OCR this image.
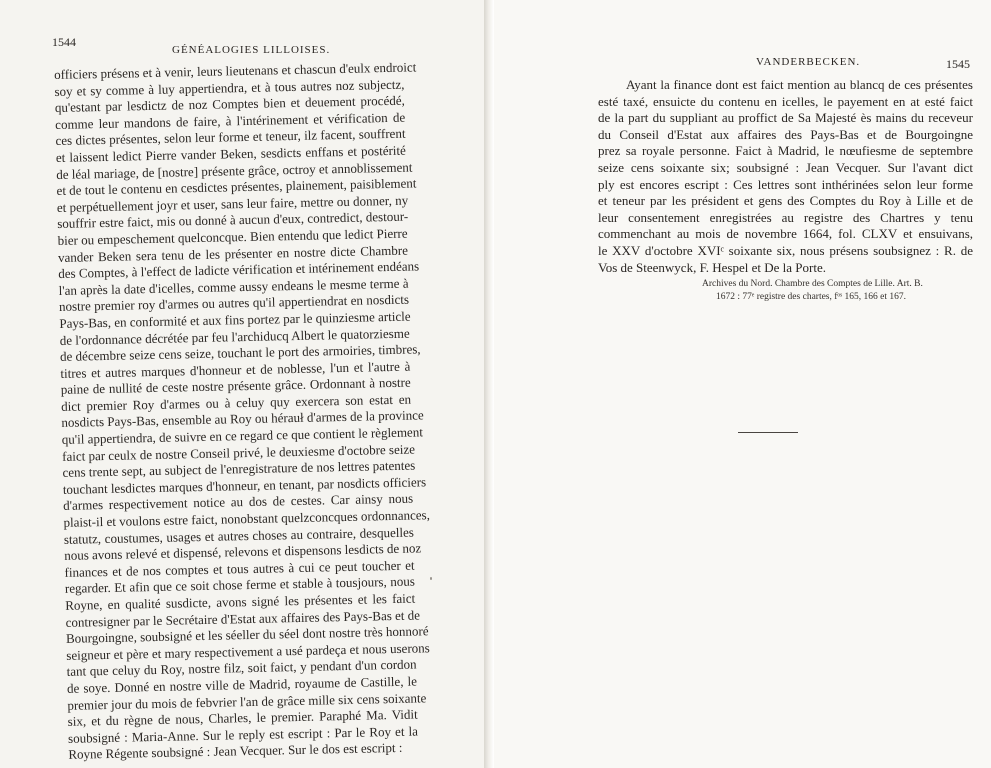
1544
GÉNÉALOGIES LILLOISES.
officiers présens et à venir, leurs lieutenans et chascun d'eulx endroict
soy et sy comme à luy appertiendra, et à tous autres noz subjectz,
qu'estant par lesdictz de noz Comptes bien et deuement procédé,
comme leur mandons de faire, à l'intérinement et vérification de
ces dictes présentes, selon leur forme et teneur, ilz facent, souffrent
et laissent ledict Pierre vander Beken, sesdicts enffans et postérité
de léal mariage, de [nostre] présente grâce, octroy et annoblissement
et de tout le contenu en cesdictes présentes, plainement, paisiblement
et perpétuellement joyr et user, sans leur faire, mettre ou donner, ny
souffrir estre faict, mis ou donné à aucun d'eux, contredict, destour-
bier ou empeschement quelconcque. Bien entendu que ledict Pierre
vander Beken sera tenu de les présenter en nostre dicte Chambre
des Comptes, à l'effect de ladicte vérification et intérinement endéans
l'an après la date d'icelles, comme aussy endeans le mesme terme à
nostre premier roy d'armes ou autres qu'il appertiendrat en nosdicts
Pays-Bas, en conformité et aux fins portez par le quinziesme article
de l'ordonnance décrétée par feu l'archiducq Albert le quatorziesme
de décembre seize cens seize, touchant le port des armoiries, timbres,
titres et autres marques d'honneur et de noblesse, l'un et l'autre à
paine de nullité de ceste nostre présente grâce. Ordonnant à nostre
dict premier Roy d'armes ou à celuy quy exercera son estat en
nosdicts Pays-Bas, ensemble au Roy ou hérauł d'armes de la province
qu'il appertiendra, de suivre en ce regard ce que contient le règlement
faict par ceulx de nostre Conseil privé, le deuxiesme d'octobre seize
cens trente sept, au subject de l'enregistrature de nos lettres patentes
touchant lesdictes marques d'honneur, en tenant, par nosdicts officiers
d'armes respectivement notice au dos de cestes. Car ainsy nous
plaist-il et voulons estre faict, nonobstant quelzconcques ordonnances,
statutz, coustumes, usages et autres choses au contraire, desquelles
nous avons relevé et dispensé, relevons et dispensons lesdicts de noz
finances et de nos comptes et tous autres à cui ce peut toucher et
regarder. Et afin que ce soit chose ferme et stable à tousjours, nous
Royne, en qualité susdicte, avons signé les présentes et les faict
contresigner par le Secrétaire d'Estat aux affaires des Pays-Bas et de
Bourgoingne, soubsigné et les séeller du séel dont nostre très honnoré
seigneur et père et mary respectivement a usé pardeça et nous userons
tant que celuy du Roy, nostre filz, soit faict, y pendant d'un cordon
de soye. Donné en nostre ville de Madrid, royaume de Castille, le
premier jour du mois de febvrier l'an de grâce mille six cens soixante
six, et du règne de nous, Charles, le premier. Paraphé Ma. Vidit
soubsigné : Maria-Anne. Sur le reply est escript : Par le Roy et la
Royne Régente soubsigné : Jean Vecquer. Sur le dos est escript :
VANDERBECKEN.	1545
Ayant la finance dont est faict mention au blancq de ces présentes
esté taxé, ensuicte du contenu en icelles, le payement en at esté faict
de la part du suppliant au proffict de Sa Majesté ès mains du receveur
du Conseil d'Estat aux affaires des Pays-Bas et de Bourgoingne
prez sa royale personne. Faict à Madrid, le nœufiesme de septembre
seize cens soixante six; soubsigné : Jean Vecquer. Sur l'avant dict
ply est encores escript : Ces lettres sont inthérinées selon leur forme
et teneur par les président et gens des Comptes du Roy à Lille et de
leur consentement enregistrées au registre des Chartres y tenu
commenchant au mois de novembre 1664, fol. CLXV et ensuivans,
le XXV d'octobre XVIᶜ soixante six, nous présens soubsignez : R. de
Vos de Steenwyck, F. Hespel et De la Porte.
Archives du Nord. Chambre des Comptes de Lille. Art. B.
1672 : 77ᵉ registre des chartes, fᵒˢ 165, 166 et 167.
